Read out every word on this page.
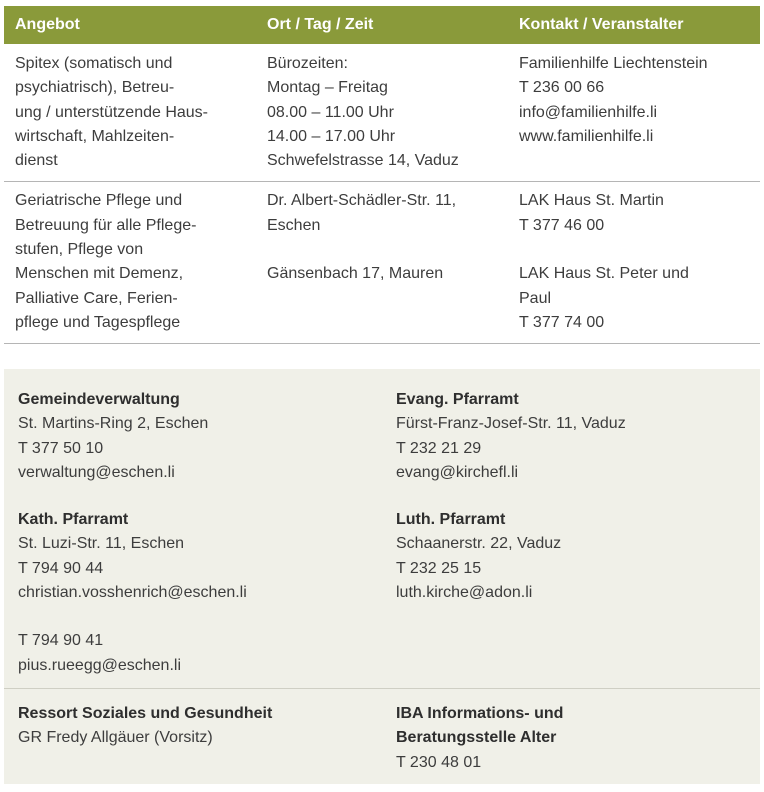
Angebot	Ort / Tag / Zeit	Kontakt / Veranstalter
Spitex (somatisch und
psychiatrisch), Betreu-
ung / unterstützende Haus-
wirtschaft, Mahlzeiten-
dienst
Bürozeiten:
Montag – Freitag
08.00 – 11.00 Uhr
14.00 – 17.00 Uhr
Schwefelstrasse 14, Vaduz
Familienhilfe Liechtenstein
T 236 00 66
info@familienhilfe.li
www.familienhilfe.li
Geriatrische Pflege und
Betreuung für alle Pflege-
stufen, Pflege von
Menschen mit Demenz,
Palliative Care, Ferien-
pflege und Tagespflege
Dr. Albert-Schädler-Str. 11,
Eschen
Gänsenbach 17, Mauren
LAK Haus St. Martin
T 377 46 00
LAK Haus St. Peter und
Paul
T 377 74 00
Gemeindeverwaltung
St. Martins-Ring 2, Eschen
T 377 50 10
verwaltung@eschen.li
Evang. Pfarramt
Fürst-Franz-Josef-Str. 11, Vaduz
T 232 21 29
evang@kirchefl.li
Kath. Pfarramt
St. Luzi-Str. 11, Eschen
T 794 90 44
christian.vosshenrich@eschen.li
T 794 90 41
pius.rueegg@eschen.li
Luth. Pfarramt
Schaanerstr. 22, Vaduz
T 232 25 15
luth.kirche@adon.li
Ressort Soziales und Gesundheit
GR Fredy Allgäuer (Vorsitz)
IBA Informations- und
Beratungsstelle Alter
T 230 48 01
